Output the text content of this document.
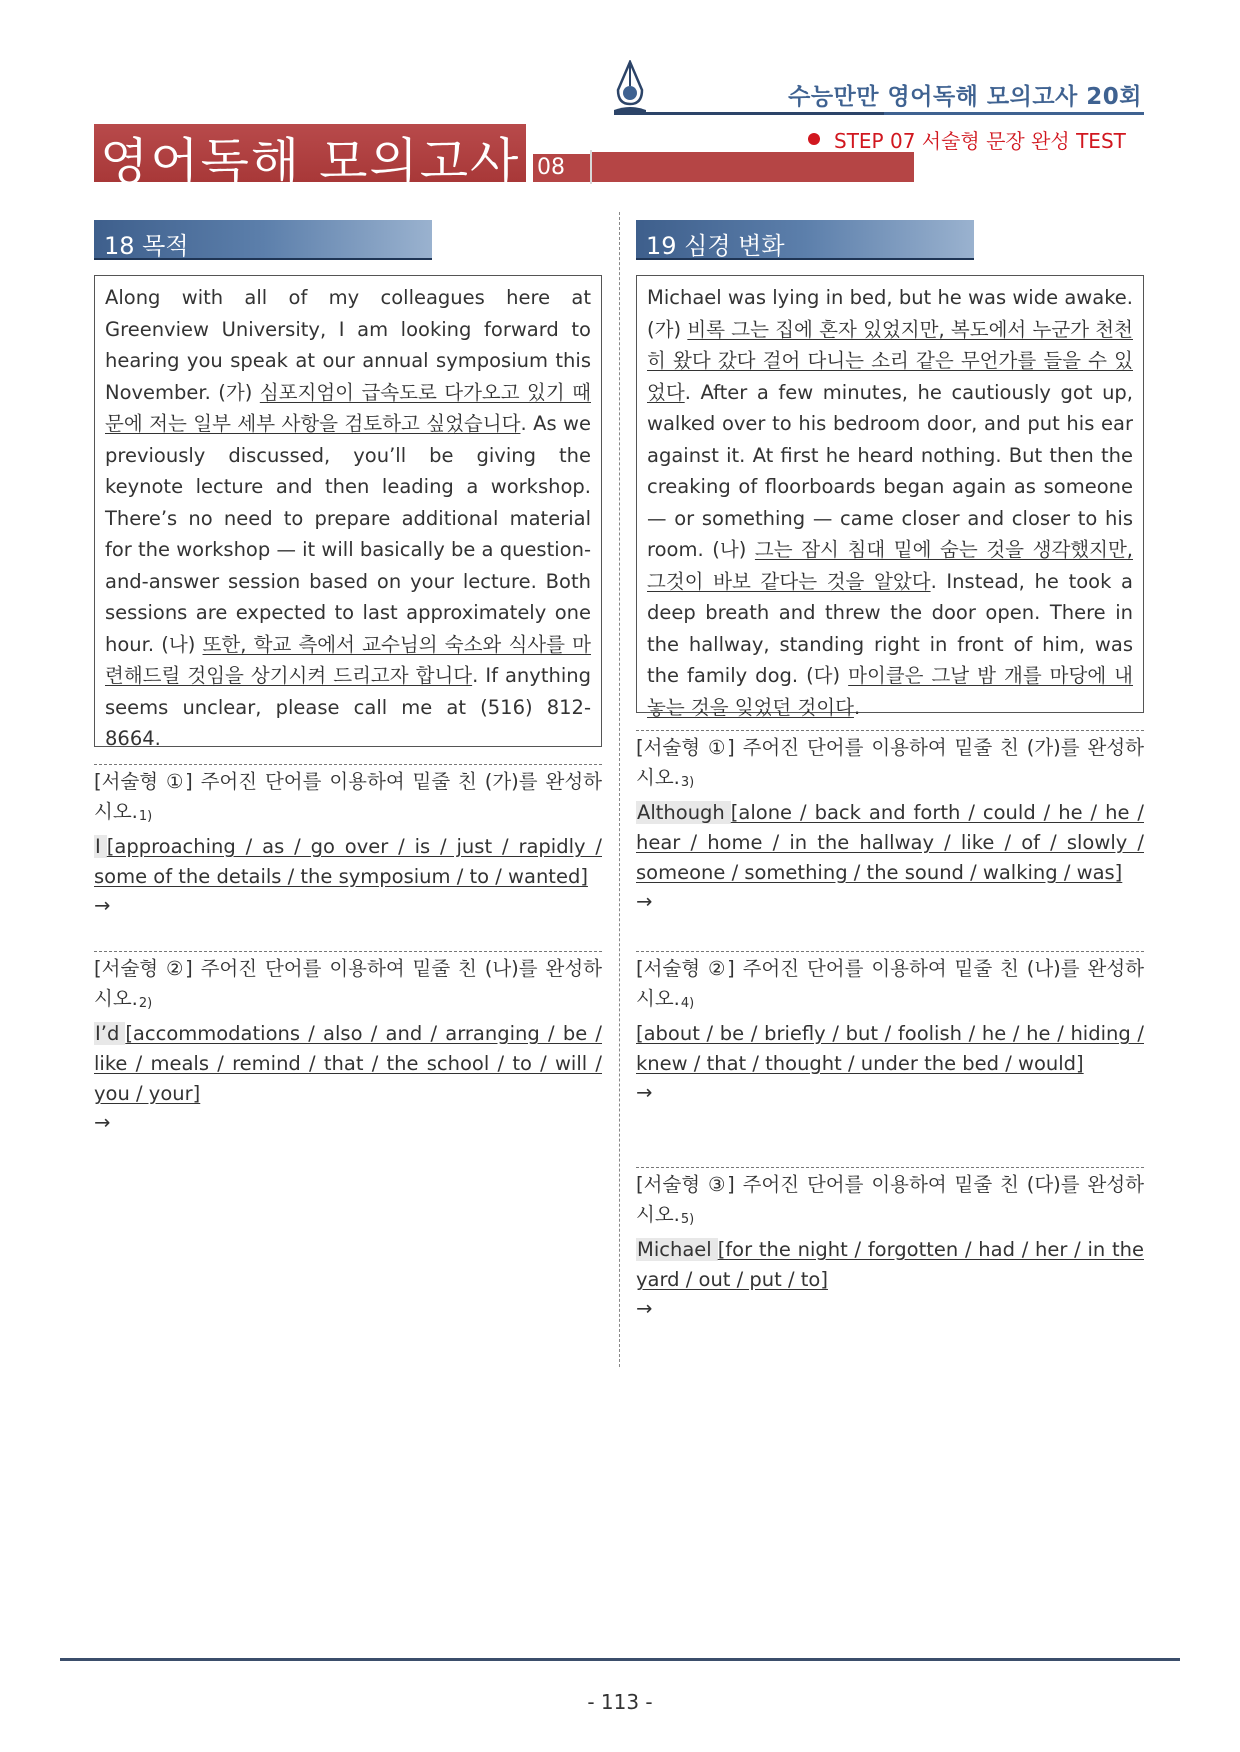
수능만만 영어독해 모의고사 20회
영어독해 모의고사 08회
STEP 07 서술형 문장 완성 TEST
18 목적
Along with all of my colleagues here at Greenview University, I am looking forward to hearing you speak at our annual symposium this November. (가) 심포지엄이 급속도로 다가오고 있기 때문에 저는 일부 세부 사항을 검토하고 싶었습니다. As we previously discussed, you’ll be giving the keynote lecture and then leading a workshop. There’s no need to prepare additional material for the workshop — it will basically be a question-and-answer session based on your lecture. Both sessions are expected to last approximately one hour. (나) 또한, 학교 측에서 교수님의 숙소와 식사를 마련해드릴 것임을 상기시켜 드리고자 합니다. If anything seems unclear, please call me at (516) 812-8664.
[서술형 ①] 주어진 단어를 이용하여 밑줄 친 (가)를 완성하시오.$^{1)}$
I [approaching / as / go over / is / just / rapidly / some of the details / the symposium / to / wanted]
→
[서술형 ②] 주어진 단어를 이용하여 밑줄 친 (나)를 완성하시오.$^{2)}$
I’d [accommodations / also / and / arranging / be / like / meals / remind / that / the school / to / will / you / your]
→
19 심경 변화
Michael was lying in bed, but he was wide awake. (가) 비록 그는 집에 혼자 있었지만, 복도에서 누군가 천천히 왔다 갔다 걸어 다니는 소리 같은 무언가를 들을 수 있었다. After a few minutes, he cautiously got up, walked over to his bedroom door, and put his ear against it. At first he heard nothing. But then the creaking of floorboards began again as someone — or something — came closer and closer to his room. (나) 그는 잠시 침대 밑에 숨는 것을 생각했지만, 그것이 바보 같다는 것을 알았다. Instead, he took a deep breath and threw the door open. There in the hallway, standing right in front of him, was the family dog. (다) 마이클은 그날 밤 개를 마당에 내놓는 것을 잊었던 것이다.
[서술형 ①] 주어진 단어를 이용하여 밑줄 친 (가)를 완성하시오.$^{3)}$
Although [alone / back and forth / could / he / he / hear / home / in the hallway / like / of / slowly / someone / something / the sound / walking / was]
→
[서술형 ②] 주어진 단어를 이용하여 밑줄 친 (나)를 완성하시오.$^{4)}$
[about / be / briefly / but / foolish / he / he / hiding / knew / that / thought / under the bed / would]
→
[서술형 ③] 주어진 단어를 이용하여 밑줄 친 (다)를 완성하시오.$^{5)}$
Michael [for the night / forgotten / had / her / in the yard / out / put / to]
→
- 113 -
